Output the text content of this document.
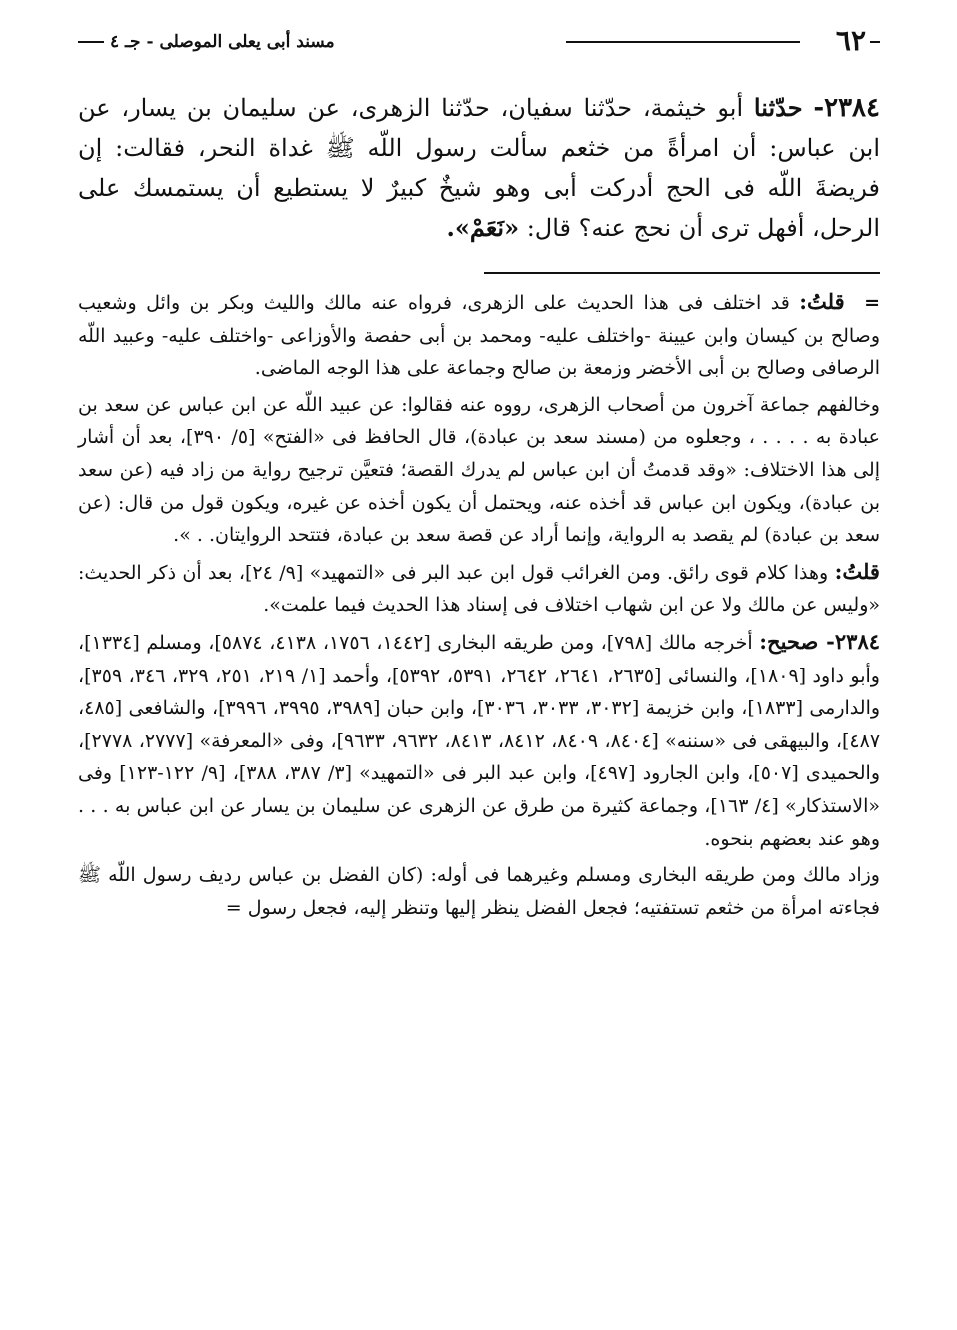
٦٢
مسند أبى يعلى الموصلى - جـ ٤
٢٣٨٤- حدّثنا أبو خيثمة، حدّثنا سفيان، حدّثنا الزهرى، عن سليمان بن يسار، عن ابن عباس: أن امرأةً من خثعم سألت رسول اللّه ﷺ غداة النحر، فقالت: إن فريضةَ اللّه فى الحج أدركت أبى وهو شيخٌ كبيرٌ لا يستطيع أن يستمسك على الرحل، أفهل ترى أن نحج عنه؟ قال: «نَعَمْ».

= قلتُ: قد اختلف فى هذا الحديث على الزهرى، فرواه عنه مالك والليث وبكر بن وائل وشعيب وصالح بن كيسان وابن عيينة -واختلف عليه- ومحمد بن أبى حفصة والأوزاعى -واختلف عليه- وعبيد اللّه الرصافى وصالح بن أبى الأخضر وزمعة بن صالح وجماعة على هذا الوجه الماضى.

وخالفهم جماعة آخرون من أصحاب الزهرى، رووه عنه فقالوا: عن عبيد اللّه عن ابن عباس عن سعد بن عبادة به . . . . ، وجعلوه من (مسند سعد بن عبادة)، قال الحافظ فى «الفتح» [٥/ ٣٩٠]، بعد أن أشار إلى هذا الاختلاف: «وقد قدمتُ أن ابن عباس لم يدرك القصة؛ فتعيَّن ترجيح رواية من زاد فيه (عن سعد بن عبادة)، ويكون ابن عباس قد أخذه عنه، ويحتمل أن يكون أخذه عن غيره، ويكون قول من قال: (عن سعد بن عبادة) لم يقصد به الرواية، وإنما أراد عن قصة سعد بن عبادة، فتتحد الروايتان. . ».

قلتُ: وهذا كلام قوى رائق. ومن الغرائب قول ابن عبد البر فى «التمهيد» [٩/ ٢٤]، بعد أن ذكر الحديث: «وليس عن مالك ولا عن ابن شهاب اختلاف فى إسناد هذا الحديث فيما علمت».

٢٣٨٤- صحيح: أخرجه مالك [٧٩٨]، ومن طريقه البخارى [١٤٤٢، ١٧٥٦، ٤١٣٨، ٥٨٧٤]، ومسلم [١٣٣٤]، وأبو داود [١٨٠٩]، والنسائى [٢٦٣٥، ٢٦٤١، ٢٦٤٢، ٥٣٩١، ٥٣٩٢]، وأحمد [١/ ٢١٩، ٢٥١، ٣٢٩، ٣٤٦، ٣٥٩]، والدارمى [١٨٣٣]، وابن خزيمة [٣٠٣٢، ٣٠٣٣، ٣٠٣٦]، وابن حبان [٣٩٨٩، ٣٩٩٥، ٣٩٩٦]، والشافعى [٤٨٥، ٤٨٧]، والبيهقى فى «سننه» [٨٤٠٤، ٨٤٠٩، ٨٤١٢، ٨٤١٣، ٩٦٣٢، ٩٦٣٣]، وفى «المعرفة» [٢٧٧٧، ٢٧٧٨]، والحميدى [٥٠٧]، وابن الجارود [٤٩٧]، وابن عبد البر فى «التمهيد» [٣/ ٣٨٧، ٣٨٨]، [٩/ ١٢٢-١٢٣] وفى «الاستذكار» [٤/ ١٦٣]، وجماعة كثيرة من طرق عن الزهرى عن سليمان بن يسار عن ابن عباس به . . . وهو عند بعضهم بنحوه.

وزاد مالك ومن طريقه البخارى ومسلم وغيرهما فى أوله: (كان الفضل بن عباس رديف رسول اللّه ﷺ فجاءته امرأة من خثعم تستفتيه؛ فجعل الفضل ينظر إليها وتنظر إليه، فجعل رسول =
